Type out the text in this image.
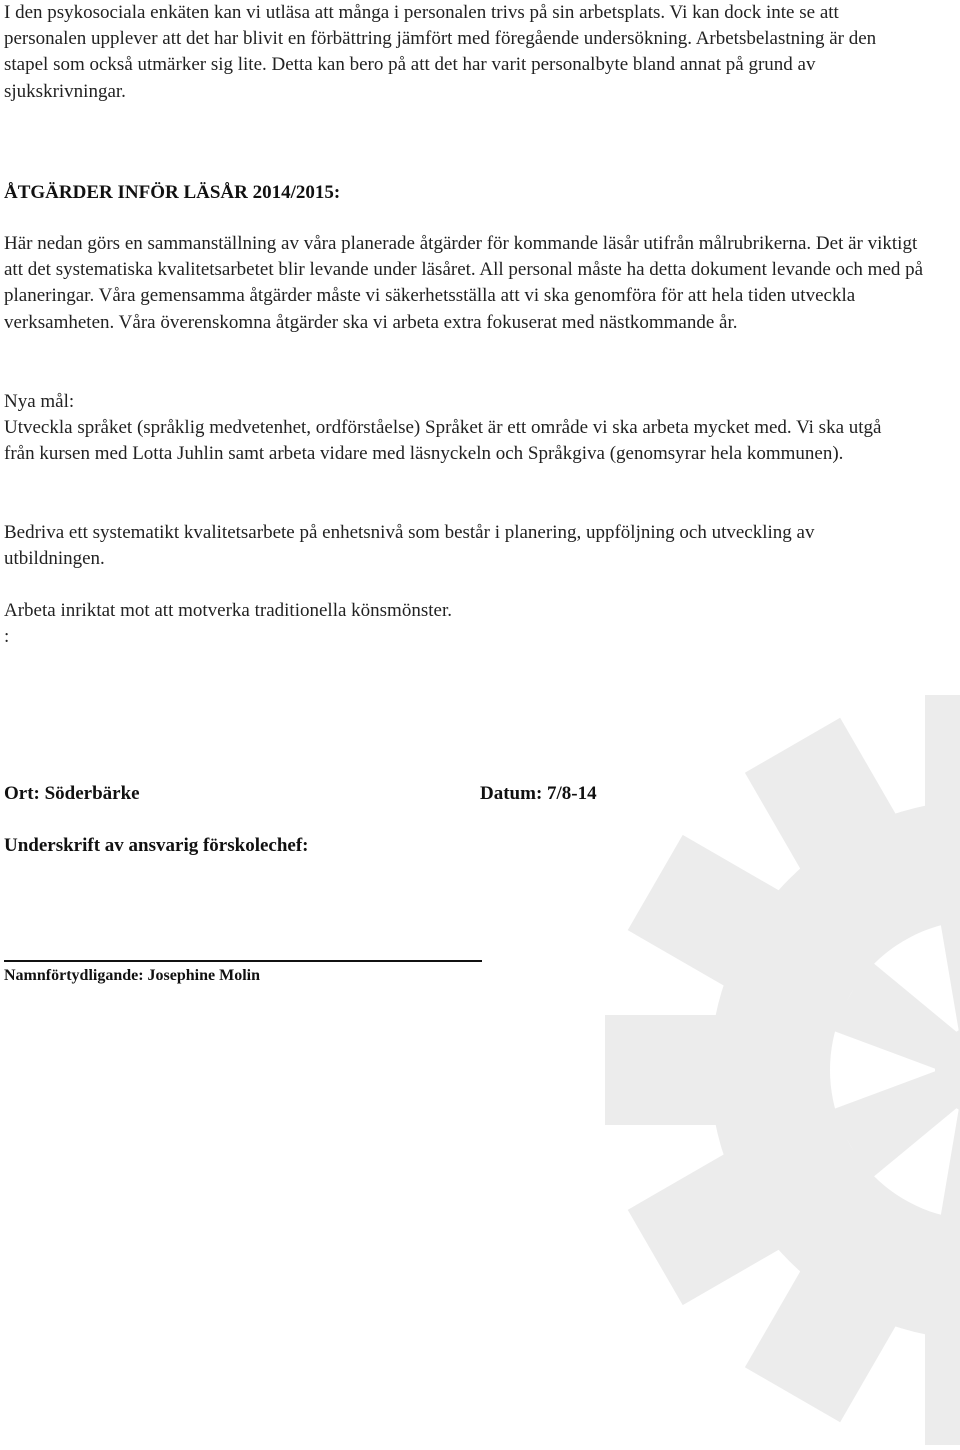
I den psykosociala enkäten kan vi utläsa att många i personalen trivs på sin arbetsplats. Vi kan dock inte se att personalen upplever att det har blivit en förbättring jämfört med föregående undersökning. Arbetsbelastning är den stapel som också utmärker sig lite. Detta kan bero på att det har varit personalbyte bland annat på grund av sjukskrivningar.

ÅTGÄRDER INFÖR LÄSÅR 2014/2015:

Här nedan görs en sammanställning av våra planerade åtgärder för kommande läsår utifrån målrubrikerna. Det är viktigt att det systematiska kvalitetsarbetet blir levande under läsåret. All personal måste ha detta dokument levande och med på planeringar. Våra gemensamma åtgärder måste vi säkerhetsställa att vi ska genomföra för att hela tiden utveckla verksamheten. Våra överenskomna åtgärder ska vi arbeta extra fokuserat med nästkommande år.

Nya mål:

Utveckla språket (språklig medvetenhet, ordförståelse) Språket är ett område vi ska arbeta mycket med. Vi ska utgå från kursen med Lotta Juhlin samt arbeta vidare med läsnyckeln och Språkgiva (genomsyrar hela kommunen).

Bedriva ett systematikt kvalitetsarbete på enhetsnivå som består i planering, uppföljning och utveckling av utbildningen.

Arbeta inriktat mot att motverka traditionella könsmönster.

:

Ort: Söderbärke	Datum: 7/8-14
Underskrift av ansvarig förskolechef:
Namnförtydligande: Josephine Molin
